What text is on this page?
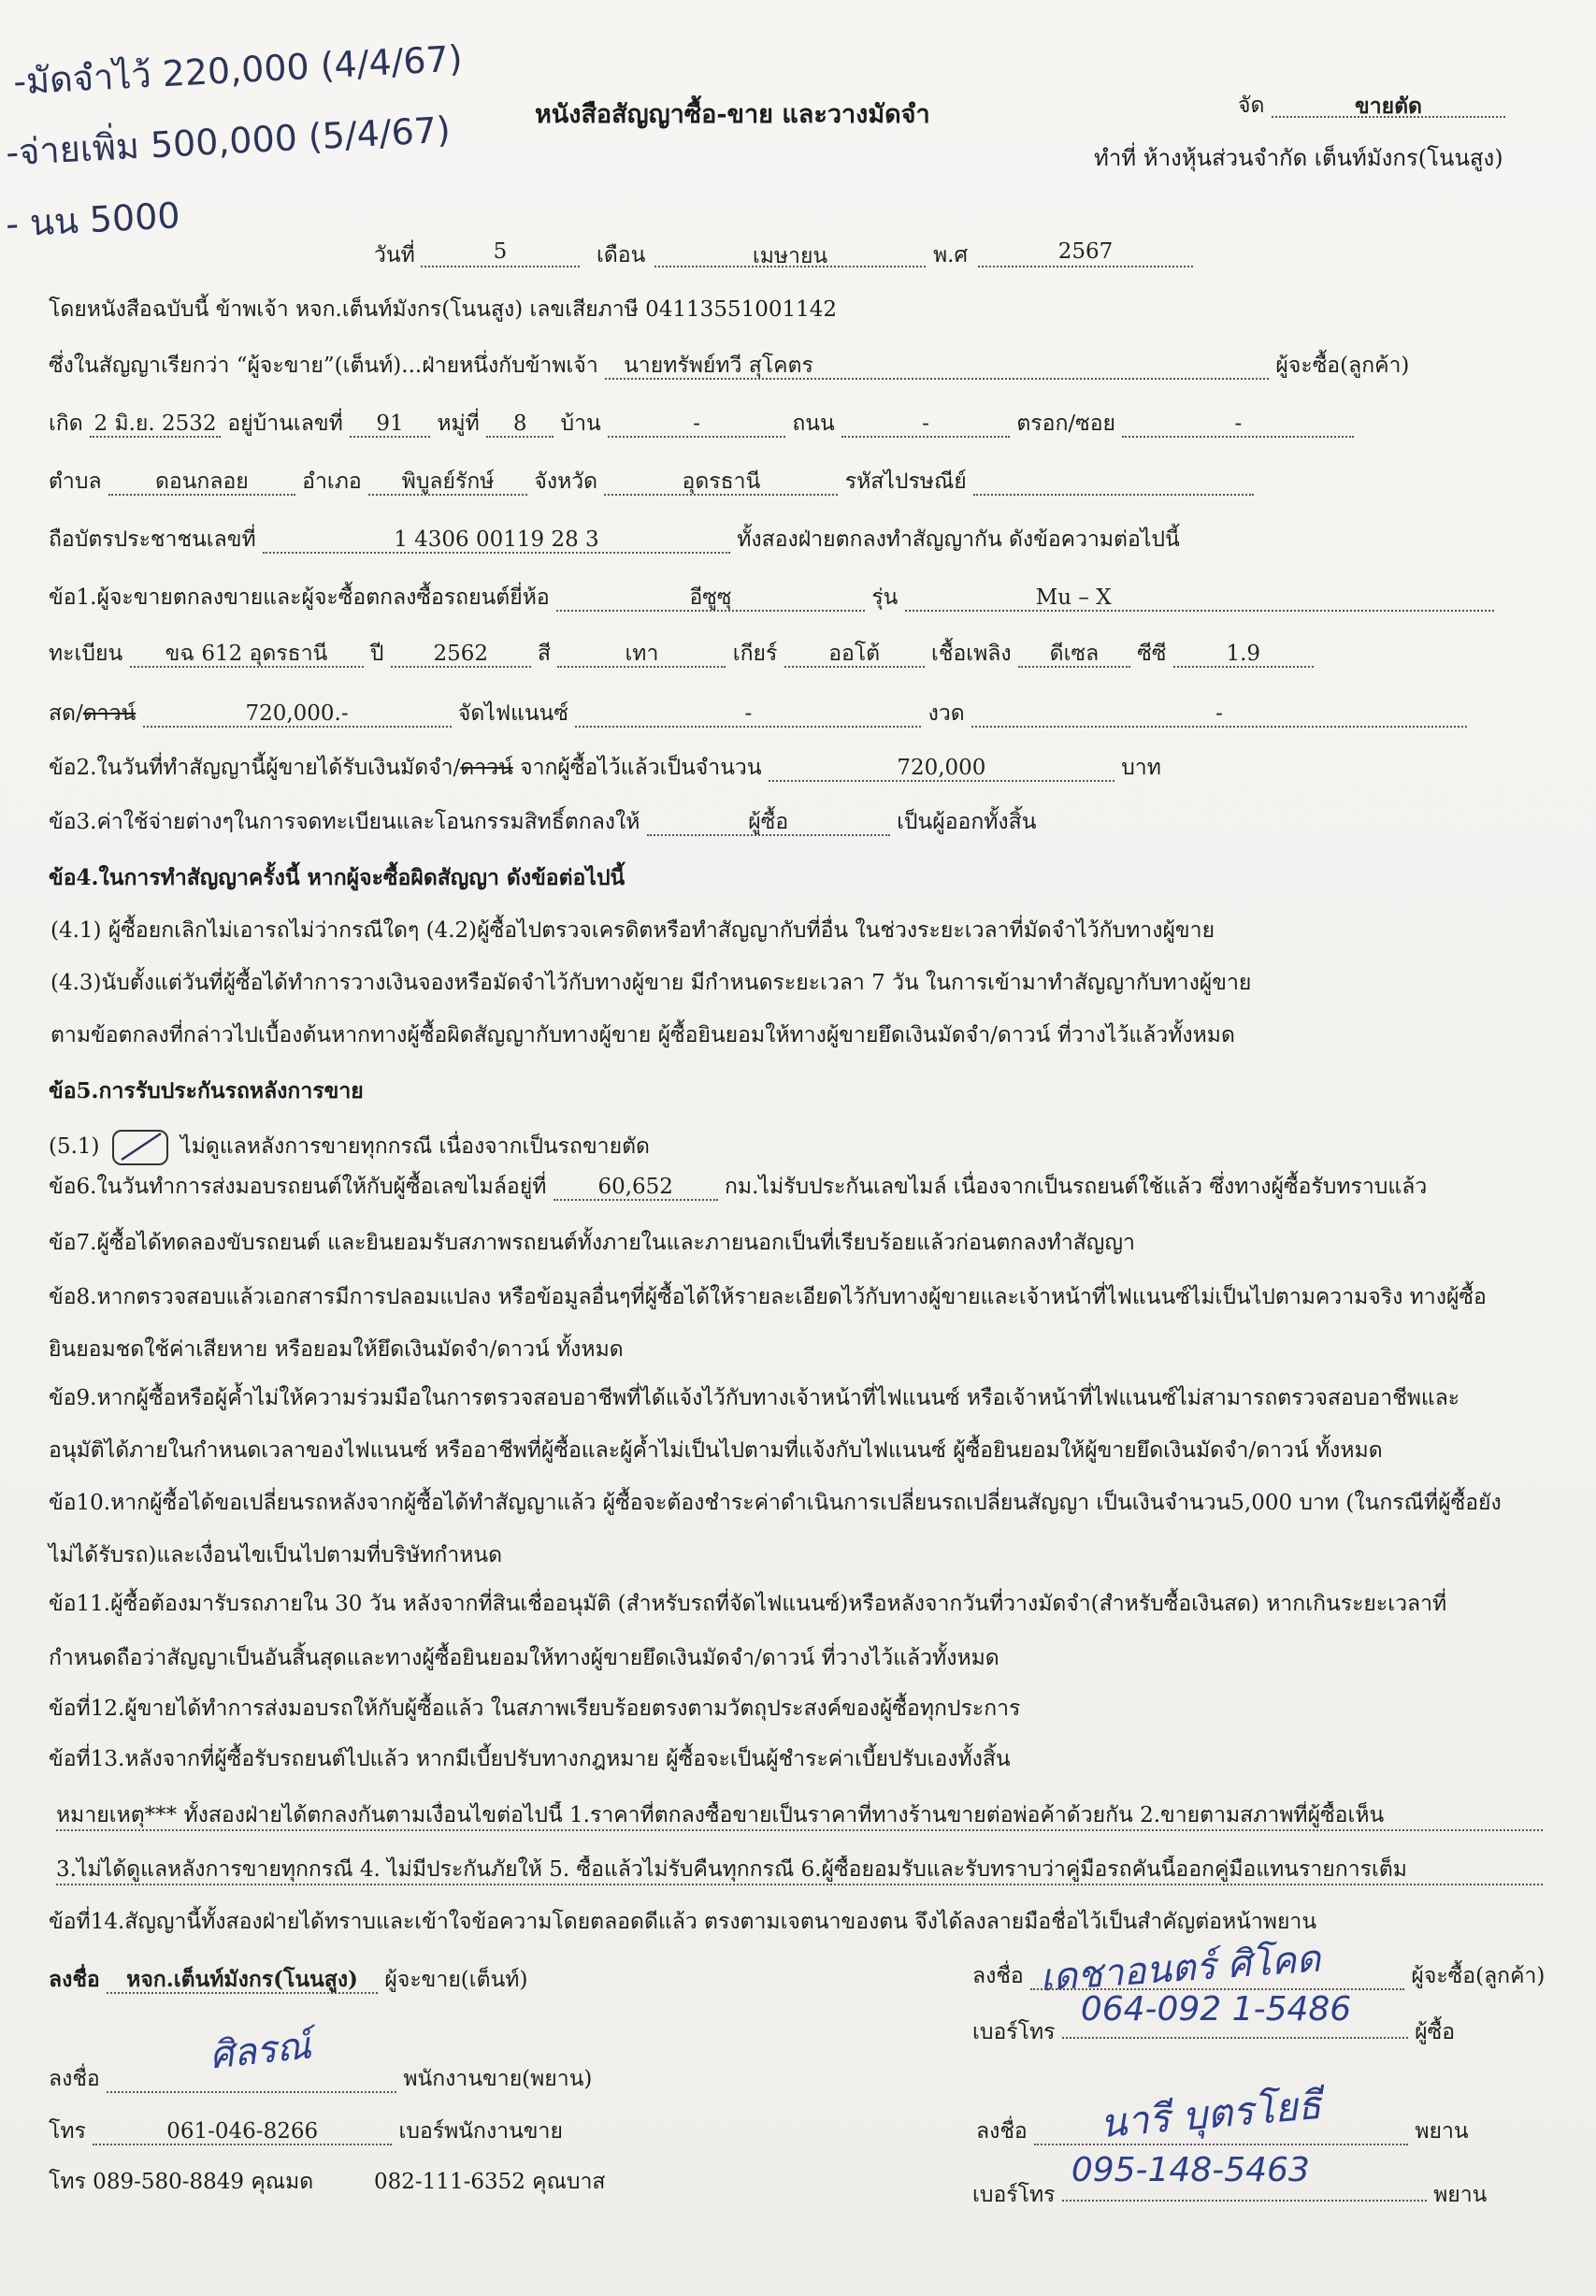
-มัดจำไว้ 220,000 (4/4/67)
-จ่ายเพิ่ม 500,000 (5/4/67)
- นน 5000
หนังสือสัญญาซื้อ-ขาย และวางมัดจำ	จัด	ขายตัด
ทำที่ ห้างหุ้นส่วนจำกัด เต็นท์มังกร(โนนสูง)
วันที่	5	เดือน	เมษายน	พ.ศ	2567
โดยหนังสือฉบับนี้ ข้าพเจ้า หจก.เต็นท์มังกร(โนนสูง) เลขเสียภาษี 04113551001142
ซึ่งในสัญญาเรียกว่า “ผู้จะขาย”(เต็นท์)...ฝ่ายหนึ่งกับข้าพเจ้า นายทรัพย์ทวี สุโคตร	ผู้จะซื้อ(ลูกค้า)
เกิด 2 มิ.ย. 2532 อยู่บ้านเลขที่ 91 หมู่ที่ 8 บ้าน	-	ถนน	-	ตรอก/ซอย	-
ตำบล ดอนกลอย อำเภอ พิบูลย์รักษ์ จังหวัด	อุดรธานี	รหัสไปรษณีย์
ถือบัตรประชาชนเลขที่	1 4306 00119 28 3	ทั้งสองฝ่ายตกลงทำสัญญากัน ดังข้อความต่อไปนี้
ข้อ1.ผู้จะขายตกลงขายและผู้จะซื้อตกลงซื้อรถยนต์ยี่ห้อ	อีซูซุ	รุ่น	Mu – X
ทะเบียน ขฉ 612 อุดรธานี ปี 2562 สี	เทา	เกียร์ ออโต้ เชื้อเพลิง ดีเซล ซีซี	1.9
สด/ดาวน์	720,000.-	จัดไฟแนนซ์	-	งวด	-
ข้อ2.ในวันที่ทำสัญญานี้ผู้ขายได้รับเงินมัดจำ/ดาวน์ จากผู้ซื้อไว้แล้วเป็นจำนวน	720,000	บาท
ข้อ3.ค่าใช้จ่ายต่างๆในการจดทะเบียนและโอนกรรมสิทธิ์ตกลงให้	ผู้ซื้อ	เป็นผู้ออกทั้งสิ้น
ข้อ4.ในการทำสัญญาครั้งนี้ หากผู้จะซื้อผิดสัญญา ดังข้อต่อไปนี้
(4.1) ผู้ซื้อยกเลิกไม่เอารถไม่ว่ากรณีใดๆ (4.2)ผู้ซื้อไปตรวจเครดิตหรือทำสัญญากับที่อื่น ในช่วงระยะเวลาที่มัดจำไว้กับทางผู้ขาย
(4.3)นับตั้งแต่วันที่ผู้ซื้อได้ทำการวางเงินจองหรือมัดจำไว้กับทางผู้ขาย มีกำหนดระยะเวลา 7 วัน ในการเข้ามาทำสัญญากับทางผู้ขาย
ตามข้อตกลงที่กล่าวไปเบื้องต้นหากทางผู้ซื้อผิดสัญญากับทางผู้ขาย ผู้ซื้อยินยอมให้ทางผู้ขายยึดเงินมัดจำ/ดาวน์ ที่วางไว้แล้วทั้งหมด
ข้อ5.การรับประกันรถหลังการขาย
(5.1)	ไม่ดูแลหลังการขายทุกกรณี เนื่องจากเป็นรถขายตัด
ข้อ6.ในวันทำการส่งมอบรถยนต์ให้กับผู้ซื้อเลขไมล์อยู่ที่ 60,652 กม.ไม่รับประกันเลขไมล์ เนื่องจากเป็นรถยนต์ใช้แล้ว ซึ่งทางผู้ซื้อรับทราบแล้ว
ข้อ7.ผู้ซื้อได้ทดลองขับรถยนต์ และยินยอมรับสภาพรถยนต์ทั้งภายในและภายนอกเป็นที่เรียบร้อยแล้วก่อนตกลงทำสัญญา
ข้อ8.หากตรวจสอบแล้วเอกสารมีการปลอมแปลง หรือข้อมูลอื่นๆที่ผู้ซื้อได้ให้รายละเอียดไว้กับทางผู้ขายและเจ้าหน้าที่ไฟแนนซ์ไม่เป็นไปตามความจริง ทางผู้ซื้อ
ยินยอมชดใช้ค่าเสียหาย หรือยอมให้ยึดเงินมัดจำ/ดาวน์ ทั้งหมด
ข้อ9.หากผู้ซื้อหรือผู้ค้ำไม่ให้ความร่วมมือในการตรวจสอบอาชีพที่ได้แจ้งไว้กับทางเจ้าหน้าที่ไฟแนนซ์ หรือเจ้าหน้าที่ไฟแนนซ์ไม่สามารถตรวจสอบอาชีพและ
อนุมัติได้ภายในกำหนดเวลาของไฟแนนซ์ หรืออาชีพที่ผู้ซื้อและผู้ค้ำไม่เป็นไปตามที่แจ้งกับไฟแนนซ์ ผู้ซื้อยินยอมให้ผู้ขายยึดเงินมัดจำ/ดาวน์ ทั้งหมด
ข้อ10.หากผู้ซื้อได้ขอเปลี่ยนรถหลังจากผู้ซื้อได้ทำสัญญาแล้ว ผู้ซื้อจะต้องชำระค่าดำเนินการเปลี่ยนรถเปลี่ยนสัญญา เป็นเงินจำนวน5,000 บาท (ในกรณีที่ผู้ซื้อยัง
ไม่ได้รับรถ)และเงื่อนไขเป็นไปตามที่บริษัทกำหนด
ข้อ11.ผู้ซื้อต้องมารับรถภายใน 30 วัน หลังจากที่สินเชื่ออนุมัติ (สำหรับรถที่จัดไฟแนนซ์)หรือหลังจากวันที่วางมัดจำ(สำหรับซื้อเงินสด) หากเกินระยะเวลาที่
กำหนดถือว่าสัญญาเป็นอันสิ้นสุดและทางผู้ซื้อยินยอมให้ทางผู้ขายยึดเงินมัดจำ/ดาวน์ ที่วางไว้แล้วทั้งหมด
ข้อที่12.ผู้ขายได้ทำการส่งมอบรถให้กับผู้ซื้อแล้ว ในสภาพเรียบร้อยตรงตามวัตถุประสงค์ของผู้ซื้อทุกประการ
ข้อที่13.หลังจากที่ผู้ซื้อรับรถยนต์ไปแล้ว หากมีเบี้ยปรับทางกฎหมาย ผู้ซื้อจะเป็นผู้ชำระค่าเบี้ยปรับเองทั้งสิ้น
หมายเหตุ*** ทั้งสองฝ่ายได้ตกลงกันตามเงื่อนไขต่อไปนี้ 1.ราคาที่ตกลงซื้อขายเป็นราคาที่ทางร้านขายต่อพ่อค้าด้วยกัน 2.ขายตามสภาพที่ผู้ซื้อเห็น
3.ไม่ได้ดูแลหลังการขายทุกกรณี 4. ไม่มีประกันภัยให้ 5. ซื้อแล้วไม่รับคืนทุกกรณี 6.ผู้ซื้อยอมรับและรับทราบว่าคู่มือรถคันนี้ออกคู่มือแทนรายการเต็ม
ข้อที่14.สัญญานี้ทั้งสองฝ่ายได้ทราบและเข้าใจข้อความโดยตลอดดีแล้ว ตรงตามเจตนาของตน จึงได้ลงลายมือชื่อไว้เป็นสำคัญต่อหน้าพยาน
ลงชื่อ หจก.เต็นท์มังกร(โนนสูง) ผู้จะขาย(เต็นท์)
ศิลรณ์
ลงชื่อ	พนักงานขาย(พยาน)
โทร	061-046-8266	เบอร์พนักงานขาย
โทร 089-580-8849 คุณมด	082-111-6352 คุณบาส
เดชาอนตร์ ศิโคด
ลงชื่อ	ผู้จะซื้อ(ลูกค้า)
เบอร์โทร
064-092 1-5486
ผู้ซื้อ
นารี บุตรโยธี
ลงชื่อ	พยาน
เบอร์โทร
095-148-5463
พยาน
